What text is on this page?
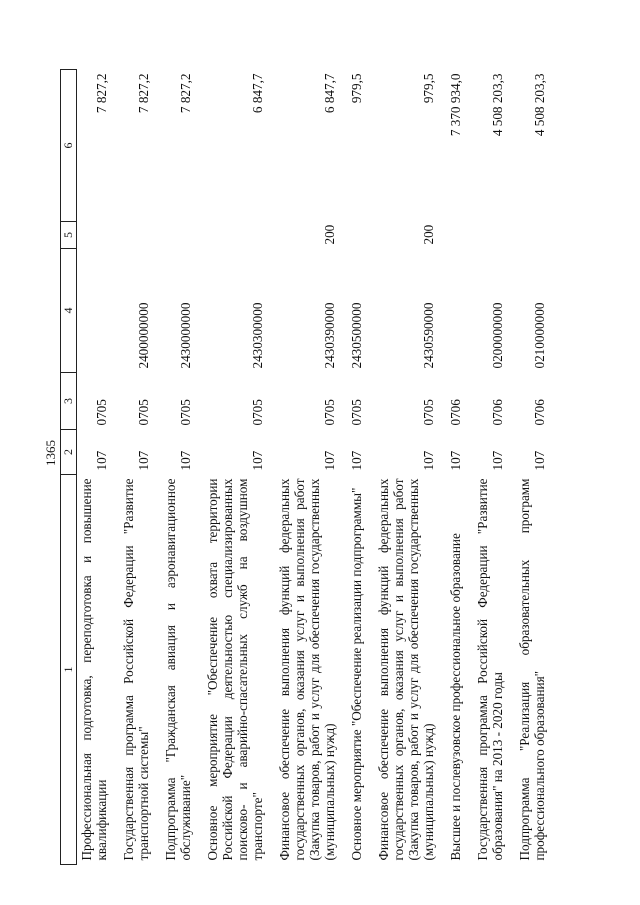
1365
1	2	3	4	5	6
Профессиональная подготовка, переподготовка и повышение квалификации	107	0705			7 827,2
Государственная программа Российской Федерации "Развитие транспортной системы"	107	0705	2400000000		7 827,2
Подпрограмма "Гражданская авиация и аэронавигационное обслуживание"	107	0705	2430000000		7 827,2
Основное мероприятие "Обеспечение охвата территории Российской Федерации деятельностью специализированных поисково- и аварийно-спасательных служб на воздушном транспорте"	107	0705	2430300000		6 847,7
Финансовое обеспечение выполнения функций федеральных государственных органов, оказания услуг и выполнения работ (Закупка товаров, работ и услуг для обеспечения государственных (муниципальных) нужд)	107	0705	2430390000	200	6 847,7
Основное мероприятие "Обеспечение реализации подпрограммы"	107	0705	2430500000		979,5
Финансовое обеспечение выполнения функций федеральных государственных органов, оказания услуг и выполнения работ (Закупка товаров, работ и услуг для обеспечения государственных (муниципальных) нужд)	107	0705	2430590000	200	979,5
Высшее и послевузовское профессиональное образование	107	0706			7 370 934,0
Государственная программа Российской Федерации "Развитие образования" на 2013 - 2020 годы	107	0706	0200000000		4 508 203,3
Подпрограмма "Реализация образовательных программ профессионального образования"	107	0706	0210000000		4 508 203,3
